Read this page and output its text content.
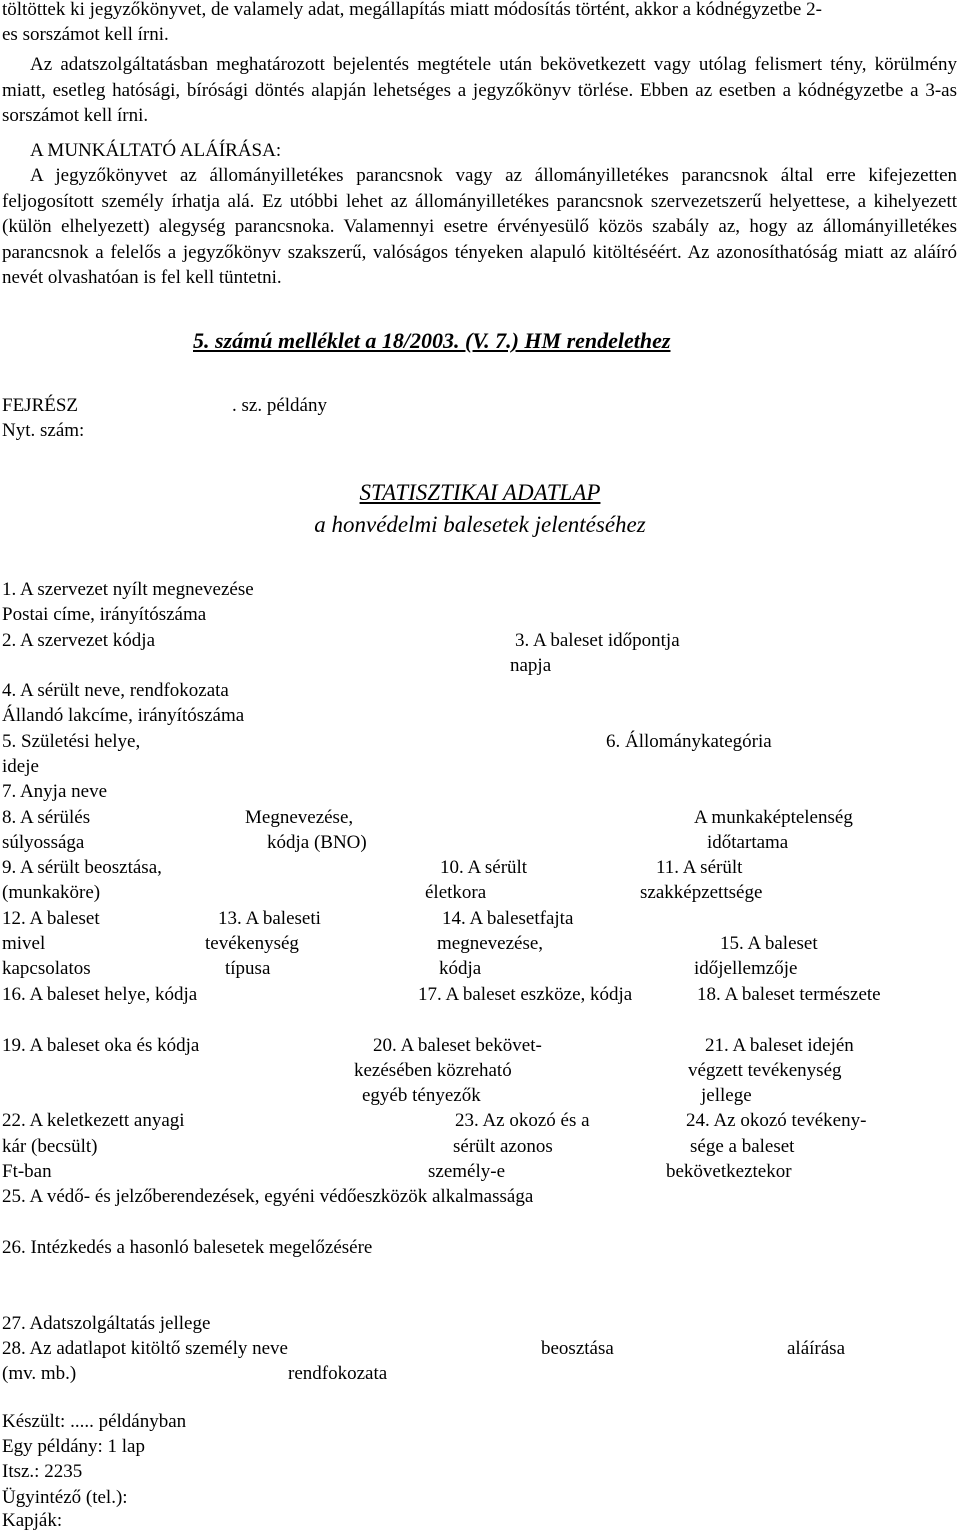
töltöttek ki jegyzőkönyvet, de valamely adat, megállapítás miatt módosítás történt, akkor a kódnégyzetbe 2-
es sorszámot kell írni.
Az adatszolgáltatásban meghatározott bejelentés megtétele után bekövetkezett vagy utólag felismert tény, körülmény miatt, esetleg hatósági, bírósági döntés alapján lehetséges a jegyzőkönyv törlése. Ebben az esetben a kódnégyzetbe a 3-as sorszámot kell írni.
A MUNKÁLTATÓ ALÁÍRÁSA:
A jegyzőkönyvet az állományilletékes parancsnok vagy az állományilletékes parancsnok által erre kifejezetten feljogosított személy írhatja alá. Ez utóbbi lehet az állományilletékes parancsnok szervezetszerű helyettese, a kihelyezett (külön elhelyezett) alegység parancsnoka. Valamennyi esetre érvényesülő közös szabály az, hogy az állományilletékes parancsnok a felelős a jegyzőkönyv szakszerű, valóságos tényeken alapuló kitöltéséért. Az azonosíthatóság miatt az aláíró nevét olvashatóan is fel kell tüntetni.
5. számú melléklet a 18/2003. (V. 7.) HM rendelethez
FEJRÉSZ	. sz. példány
Nyt. szám:
STATISZTIKAI ADATLAP
a honvédelmi balesetek jelentéséhez
1. A szervezet nyílt megnevezése
Postai címe, irányítószáma
2. A szervezet kódja	3. A baleset időpontja
napja
4. A sérült neve, rendfokozata
Állandó lakcíme, irányítószáma
5. Születési helye,	6. Állománykategória
ideje
7. Anyja neve
8. A sérülés	Megnevezése,	A munkaképtelenség
súlyossága	kódja (BNO)	időtartama
9. A sérült beosztása,	10. A sérült	11. A sérült
(munkaköre)	életkora	szakképzettsége
12. A baleset	13. A baleseti	14. A balesetfajta
mivel	tevékenység	megnevezése,	15. A baleset
kapcsolatos	típusa	kódja	időjellemzője
16. A baleset helye, kódja	17. A baleset eszköze, kódja	18. A baleset természete
19. A baleset oka és kódja	20. A baleset bekövet-	21. A baleset idején
kezésében közreható	végzett tevékenység
egyéb tényezők	jellege
22. A keletkezett anyagi	23. Az okozó és a	24. Az okozó tevékeny-
kár (becsült)	sérült azonos	sége a baleset
Ft-ban	személy-e	bekövetkeztekor
25. A védő- és jelzőberendezések, egyéni védőeszközök alkalmassága
26. Intézkedés a hasonló balesetek megelőzésére
27. Adatszolgáltatás jellege
28. Az adatlapot kitöltő személy neve	beosztása	aláírása
(mv. mb.)	rendfokozata
Készült: ..... példányban
Egy példány: 1 lap
Itsz.: 2235
Ügyintéző (tel.):
Kapják:
